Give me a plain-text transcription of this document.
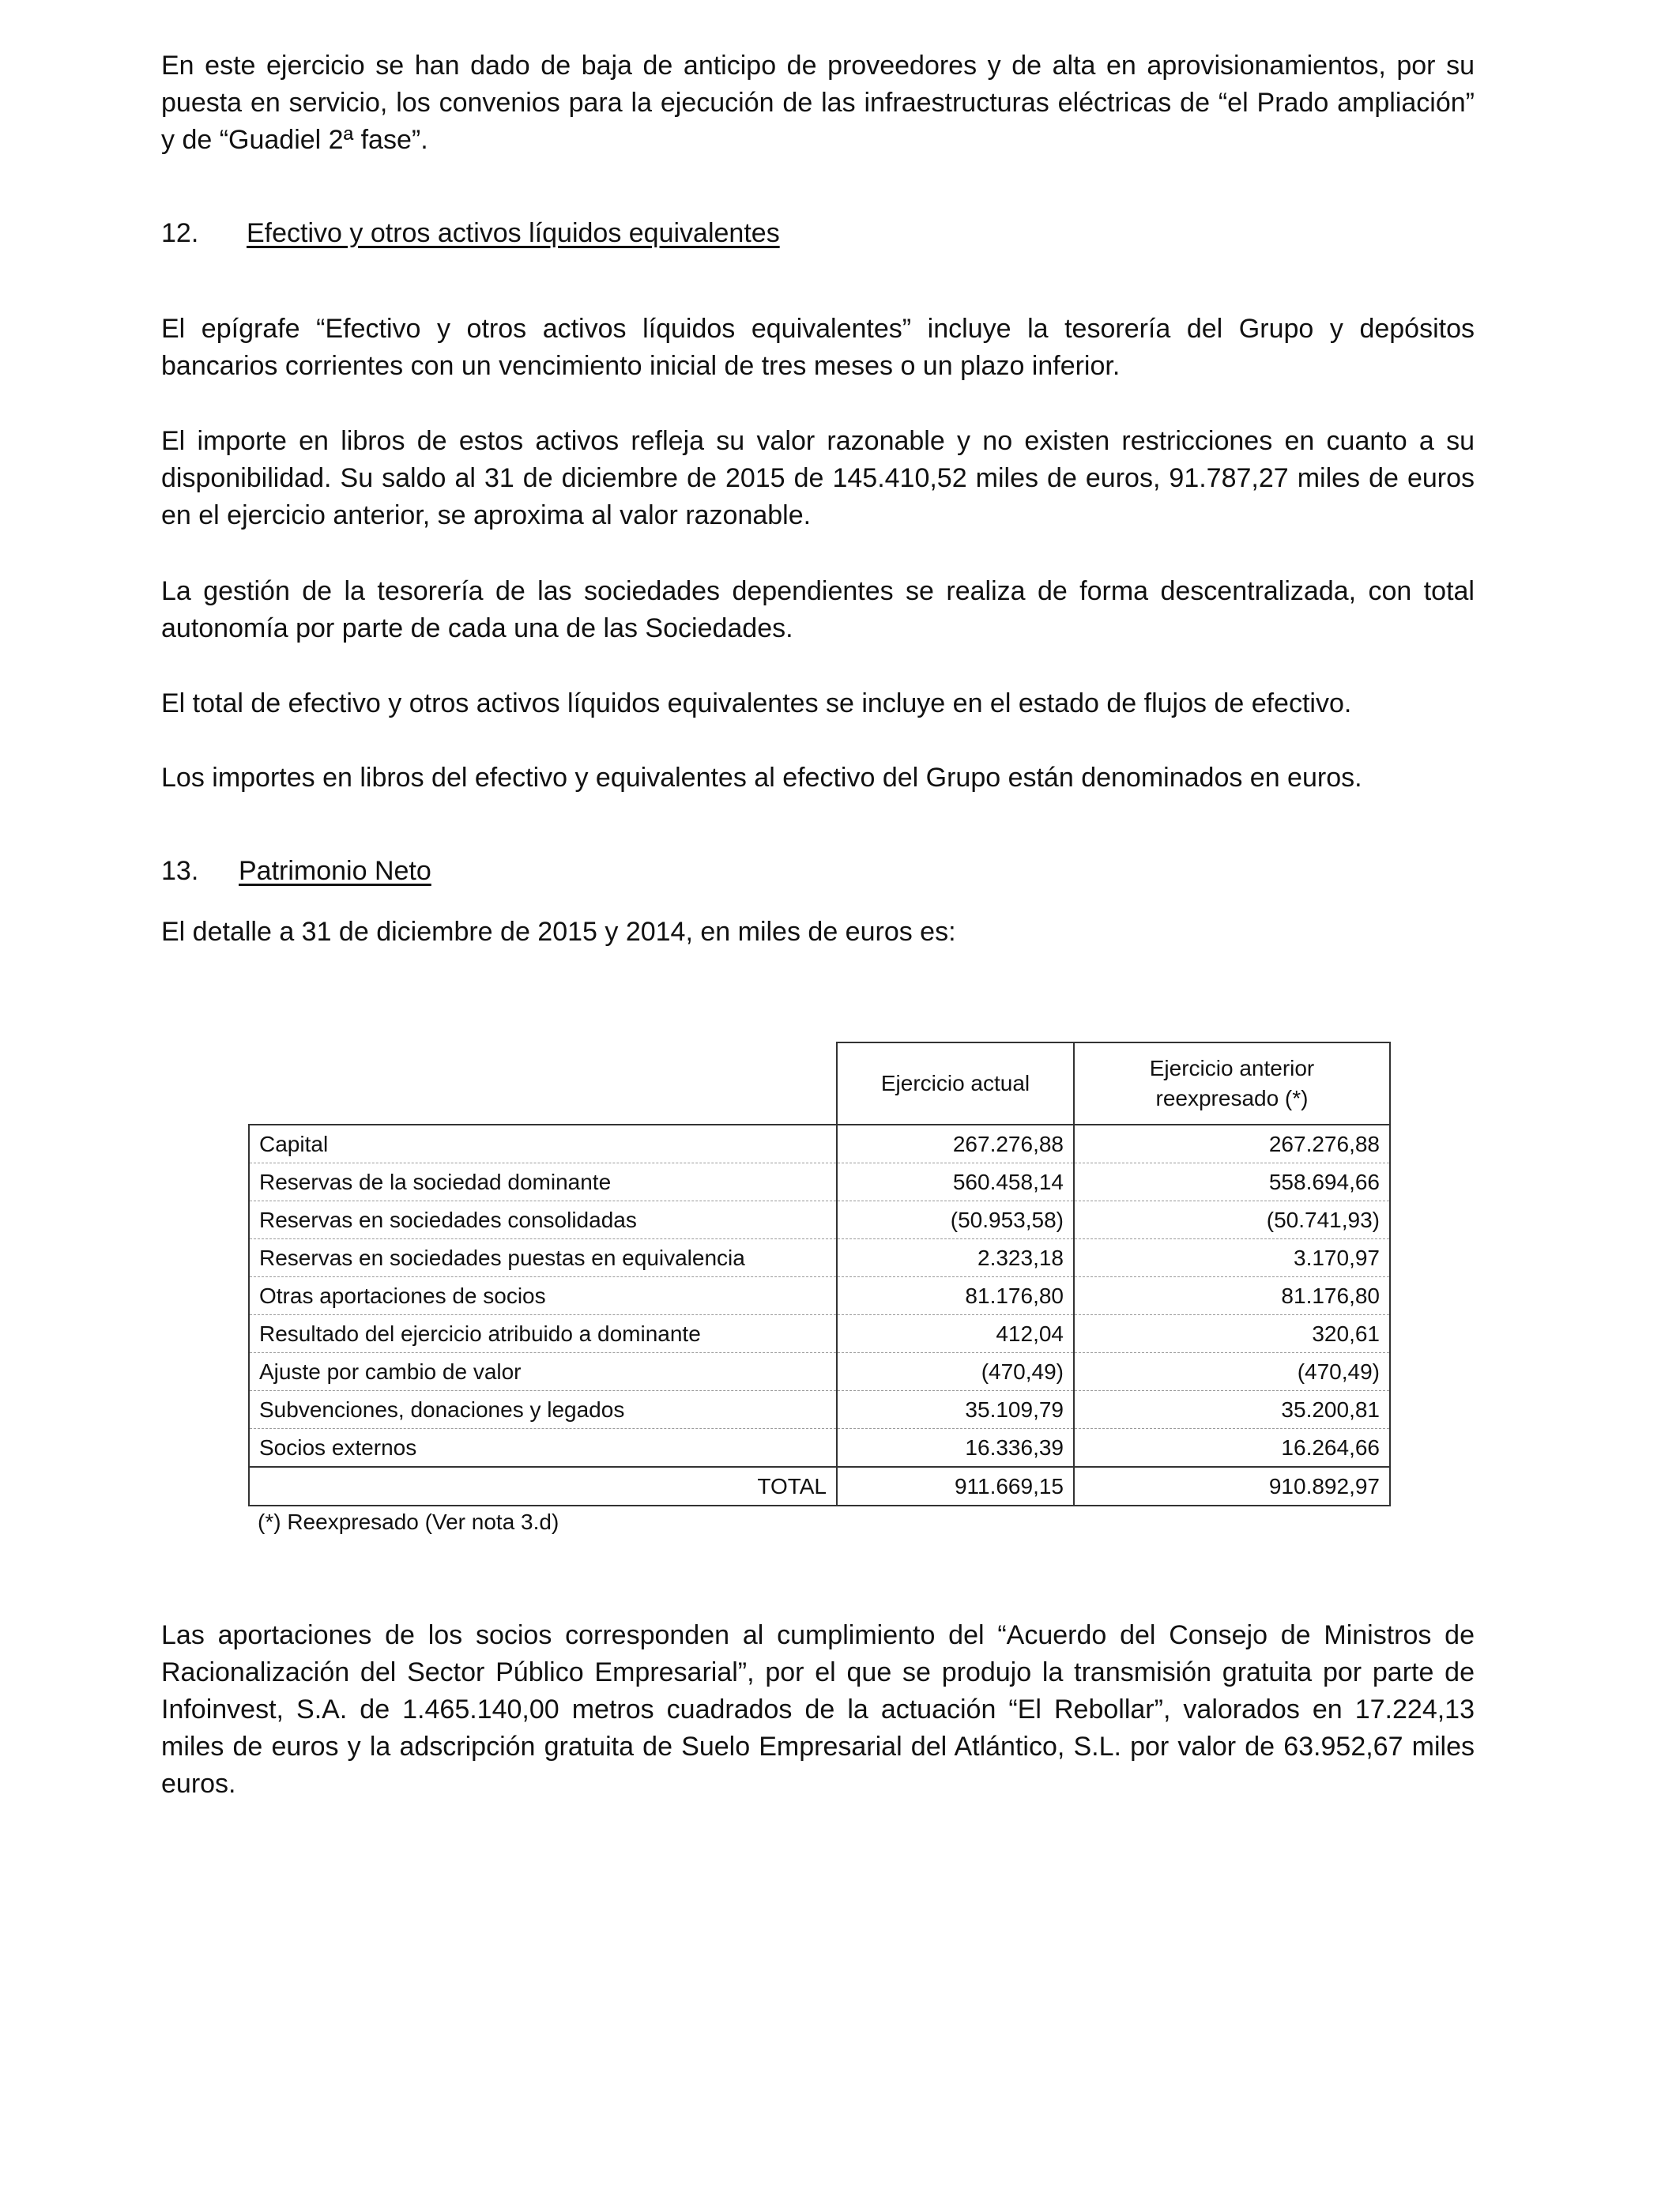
En este ejercicio se han dado de baja de anticipo de proveedores y de alta en aprovisionamientos, por su puesta en servicio, los convenios para la ejecución de las infraestructuras eléctricas de “el Prado ampliación” y de “Guadiel 2ª fase”.

12. Efectivo y otros activos líquidos equivalentes

El epígrafe “Efectivo y otros activos líquidos equivalentes” incluye la tesorería del Grupo y depósitos bancarios corrientes con un vencimiento inicial de tres meses o un plazo inferior.

El importe en libros de estos activos refleja su valor razonable y no existen restricciones en cuanto a su disponibilidad. Su saldo al 31 de diciembre de 2015 de 145.410,52 miles de euros, 91.787,27 miles de euros en el ejercicio anterior, se aproxima al valor razonable.

La gestión de la tesorería de las sociedades dependientes se realiza de forma descentralizada, con total autonomía por parte de cada una de las Sociedades.

El total de efectivo y otros activos líquidos equivalentes se incluye en el estado de flujos de efectivo.

Los importes en libros del efectivo y equivalentes al efectivo del Grupo están denominados en euros.

13. Patrimonio Neto

El detalle a 31 de diciembre de 2015 y 2014, en miles de euros es:

	Ejercicio actual	Ejercicio anterior
reexpresado (*)
Capital	267.276,88	267.276,88
Reservas de la sociedad dominante	560.458,14	558.694,66
Reservas en sociedades consolidadas	(50.953,58)	(50.741,93)
Reservas en sociedades puestas en equivalencia	2.323,18	3.170,97
Otras aportaciones de socios	81.176,80	81.176,80
Resultado del ejercicio atribuido a dominante	412,04	320,61
Ajuste por cambio de valor	(470,49)	(470,49)
Subvenciones, donaciones y legados	35.109,79	35.200,81
Socios externos	16.336,39	16.264,66
TOTAL	911.669,15	910.892,97

(*) Reexpresado (Ver nota 3.d)

Las aportaciones de los socios corresponden al cumplimiento del “Acuerdo del Consejo de Ministros de Racionalización del Sector Público Empresarial”, por el que se produjo la transmisión gratuita por parte de Infoinvest, S.A. de 1.465.140,00 metros cuadrados de la actuación “El Rebollar”, valorados en 17.224,13 miles de euros y la adscripción gratuita de Suelo Empresarial del Atlántico, S.L. por valor de 63.952,67 miles euros.
